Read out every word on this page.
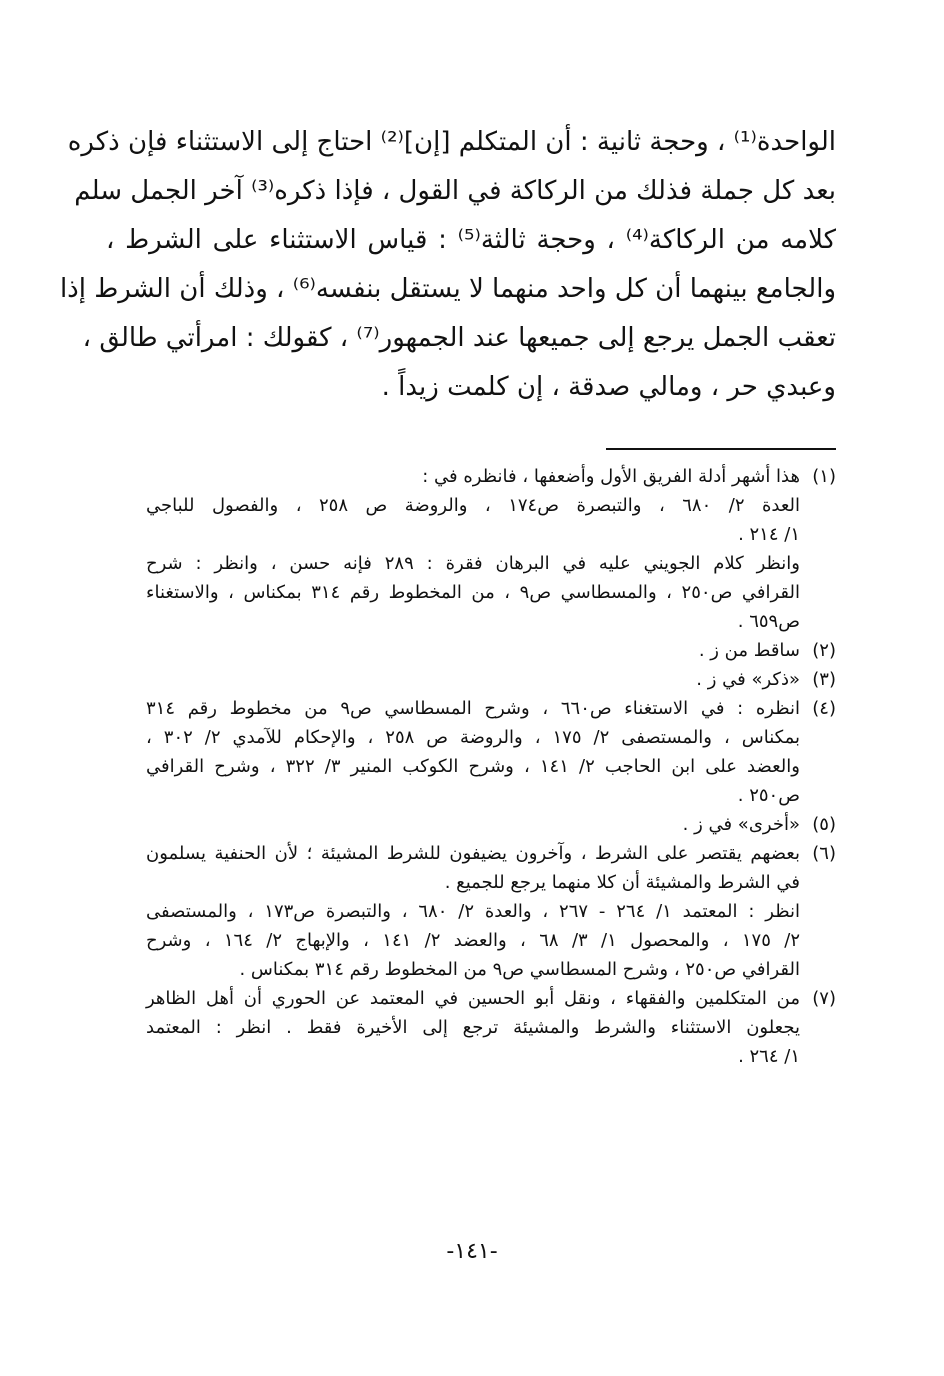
الواحدة⁽¹⁾ ، وحجة ثانية : أن المتكلم [إن]⁽²⁾ احتاج إلى الاستثناء فإن ذكره
بعد كل جملة فذلك من الركاكة في القول ، فإذا ذكره⁽³⁾ آخر الجمل سلم
كلامه من الركاكة⁽⁴⁾ ، وحجة ثالثة⁽⁵⁾ : قياس الاستثناء على الشرط ،
والجامع بينهما أن كل واحد منهما لا يستقل بنفسه⁽⁶⁾ ، وذلك أن الشرط إذا
تعقب الجمل يرجع إلى جميعها عند الجمهور⁽⁷⁾ ، كقولك : امرأتي طالق ،
وعبدي حر ، ومالي صدقة ، إن كلمت زيداً .
(١)
هذا أشهر أدلة الفريق الأول وأضعفها ، فانظره في :
العدة ٢/ ٦٨٠ ، والتبصرة ص١٧٤ ، والروضة ص ٢٥٨ ، والفصول للباجي
١/ ٢١٤ .
وانظر كلام الجويني عليه في البرهان فقرة : ٢٨٩ فإنه حسن ، وانظر : شرح
القرافي ص٢٥٠ ، والمسطاسي ص٩ ، من المخطوط رقم ٣١٤ بمكناس ، والاستغناء
ص٦٥٩ .
(٢)
ساقط من ز .
(٣)
«ذكر» في ز .
(٤)
انظره : في الاستغناء ص٦٦٠ ، وشرح المسطاسي ص٩ من مخطوط رقم ٣١٤
بمكناس ، والمستصفى ٢/ ١٧٥ ، والروضة ص ٢٥٨ ، والإحكام للآمدي ٢/ ٣٠٢ ،
والعضد على ابن الحاجب ٢/ ١٤١ ، وشرح الكوكب المنير ٣/ ٣٢٢ ، وشرح القرافي
ص٢٥٠ .
(٥)
«أخرى» في ز .
(٦)
بعضهم يقتصر على الشرط ، وآخرون يضيفون للشرط المشيئة ؛ لأن الحنفية يسلمون
في الشرط والمشيئة أن كلا منهما يرجع للجميع .
انظر : المعتمد ١/ ٢٦٤ - ٢٦٧ ، والعدة ٢/ ٦٨٠ ، والتبصرة ص١٧٣ ، والمستصفى
٢/ ١٧٥ ، والمحصول ١/ ٣/ ٦٨ ، والعضد ٢/ ١٤١ ، والإبهاج ٢/ ١٦٤ ، وشرح
القرافي ص٢٥٠ ، وشرح المسطاسي ص٩ من المخطوط رقم ٣١٤ بمكناس .
(٧)
من المتكلمين والفقهاء ، ونقل أبو الحسين في المعتمد عن الحوري أن أهل الظاهر
يجعلون الاستثناء والشرط والمشيئة ترجع إلى الأخيرة فقط . انظر : المعتمد
١/ ٢٦٤ .
-١٤١-
